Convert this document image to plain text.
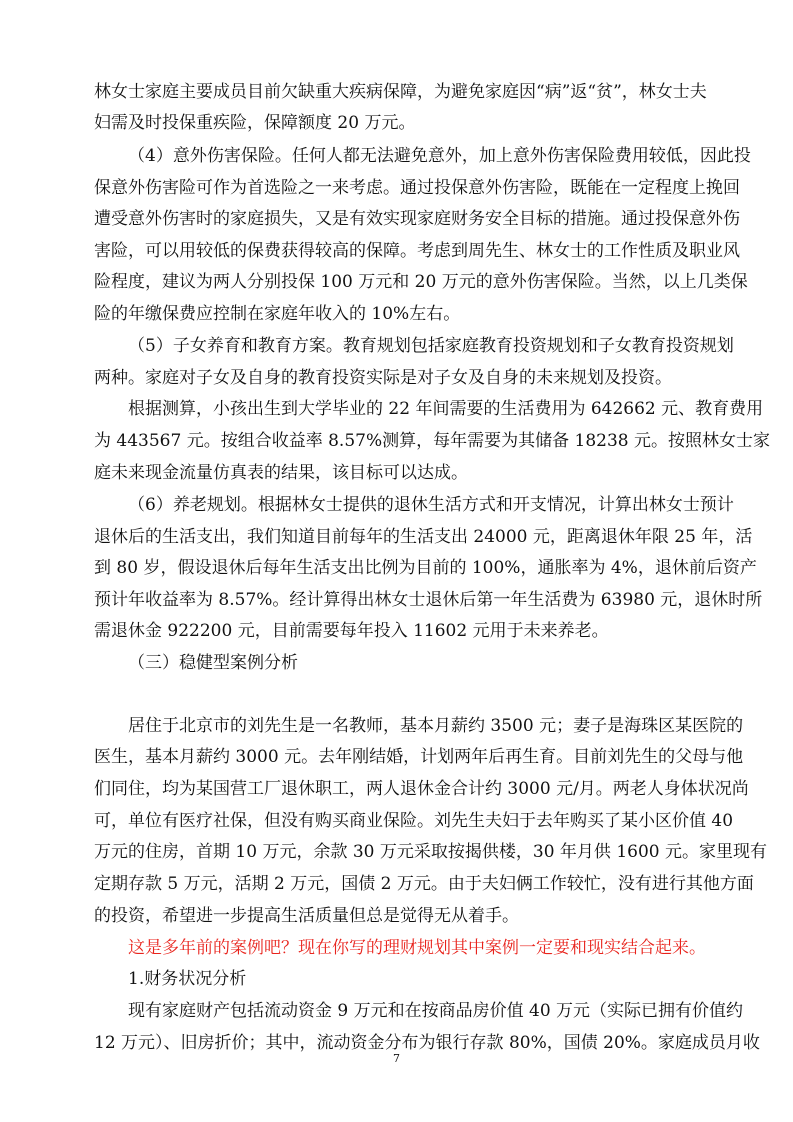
林女士家庭主要成员目前欠缺重大疾病保障，为避免家庭因“病”返“贫”，林女士夫
妇需及时投保重疾险，保障额度 20 万元。
（4）意外伤害保险。任何人都无法避免意外，加上意外伤害保险费用较低，因此投
保意外伤害险可作为首选险之一来考虑。通过投保意外伤害险，既能在一定程度上挽回
遭受意外伤害时的家庭损失，又是有效实现家庭财务安全目标的措施。通过投保意外伤
害险，可以用较低的保费获得较高的保障。考虑到周先生、林女士的工作性质及职业风
险程度，建议为两人分别投保 100 万元和 20 万元的意外伤害保险。当然，以上几类保
险的年缴保费应控制在家庭年收入的 10%左右。
（5）子女养育和教育方案。教育规划包括家庭教育投资规划和子女教育投资规划
两种。家庭对子女及自身的教育投资实际是对子女及自身的未来规划及投资。
根据测算，小孩出生到大学毕业的 22 年间需要的生活费用为 642662 元、教育费用
为 443567 元。按组合收益率 8.57%测算，每年需要为其储备 18238 元。按照林女士家
庭未来现金流量仿真表的结果，该目标可以达成。
（6）养老规划。根据林女士提供的退休生活方式和开支情况，计算出林女士预计
退休后的生活支出，我们知道目前每年的生活支出 24000 元，距离退休年限 25 年，活
到 80 岁，假设退休后每年生活支出比例为目前的 100%，通胀率为 4%，退休前后资产
预计年收益率为 8.57%。经计算得出林女士退休后第一年生活费为 63980 元，退休时所
需退休金 922200 元，目前需要每年投入 11602 元用于未来养老。
（三）稳健型案例分析
居住于北京市的刘先生是一名教师，基本月薪约 3500 元；妻子是海珠区某医院的
医生，基本月薪约 3000 元。去年刚结婚，计划两年后再生育。目前刘先生的父母与他
们同住，均为某国营工厂退休职工，两人退休金合计约 3000 元/月。两老人身体状况尚
可，单位有医疗社保，但没有购买商业保险。刘先生夫妇于去年购买了某小区价值 40
万元的住房，首期 10 万元，余款 30 万元采取按揭供楼，30 年月供 1600 元。家里现有
定期存款 5 万元，活期 2 万元，国债 2 万元。由于夫妇俩工作较忙，没有进行其他方面
的投资，希望进一步提高生活质量但总是觉得无从着手。
这是多年前的案例吧？现在你写的理财规划其中案例一定要和现实结合起来。
1.财务状况分析
现有家庭财产包括流动资金 9 万元和在按商品房价值 40 万元（实际已拥有价值约
12 万元）、旧房折价；其中，流动资金分布为银行存款 80%，国债 20%。家庭成员月收
7
